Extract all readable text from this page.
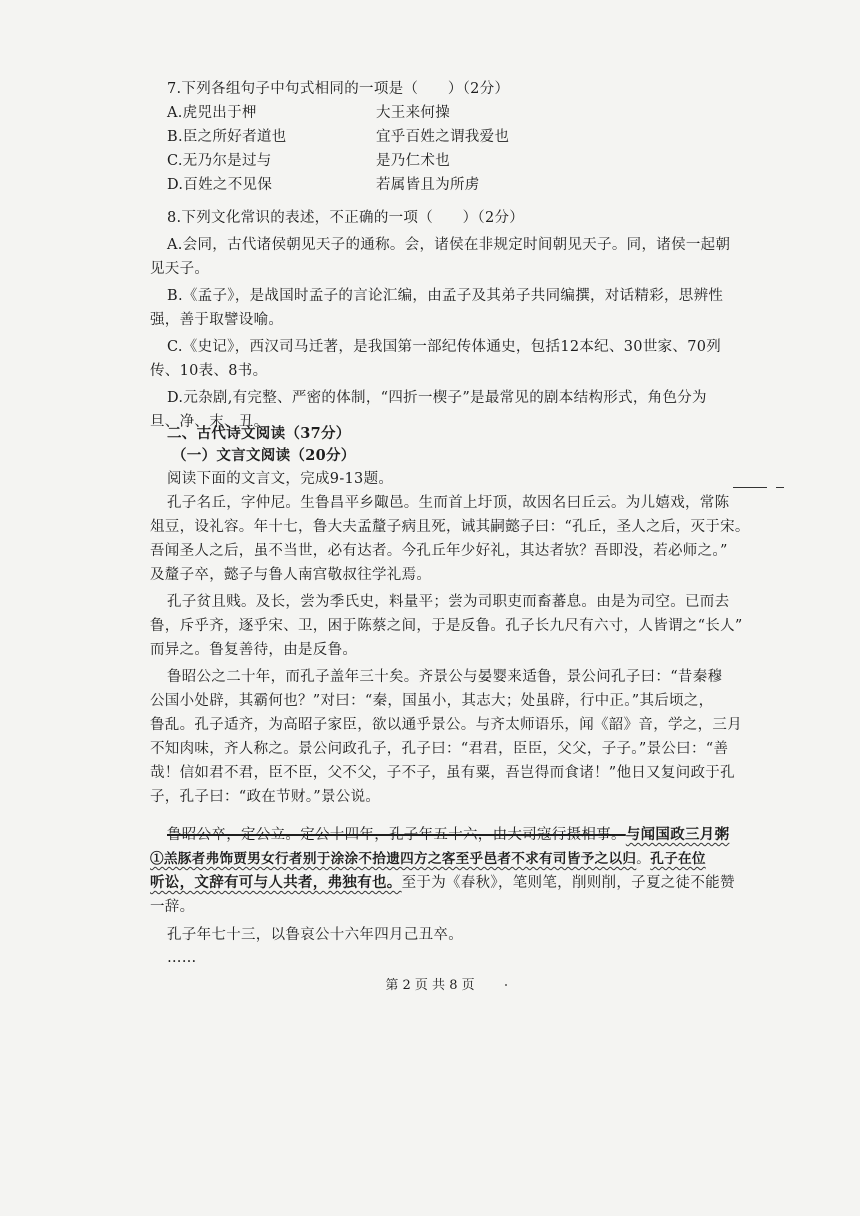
7.下列各组句子中句式相同的一项是（　　）（2分）
A.虎兕出于柙	大王来何操
B.臣之所好者道也	宜乎百姓之谓我爱也
C.无乃尔是过与	是乃仁术也
D.百姓之不见保	若属皆且为所虏
8.下列文化常识的表述，不正确的一项（　　）（2分）
A.会同，古代诸侯朝见天子的通称。会，诸侯在非规定时间朝见天子。同，诸侯一起朝
见天子。
B.《孟子》，是战国时孟子的言论汇编，由孟子及其弟子共同编撰，对话精彩，思辨性
强，善于取譬设喻。
C.《史记》，西汉司马迁著，是我国第一部纪传体通史，包括12本纪、30世家、70列
传、10表、8书。
D.元杂剧,有完整、严密的体制，“四折一楔子”是最常见的剧本结构形式，角色分为
旦、净、末、丑。
二、古代诗文阅读（37分）
（一）文言文阅读（20分）
阅读下面的文言文，完成9-13题。
孔子名丘，字仲尼。生鲁昌平乡陬邑。生而首上圩顶，故因名曰丘云。为儿嬉戏，常陈
俎豆，设礼容。年十七，鲁大夫孟釐子病且死，诫其嗣懿子曰：“孔丘，圣人之后，灭于宋。
吾闻圣人之后，虽不当世，必有达者。今孔丘年少好礼，其达者欤？吾即没，若必师之。”
及釐子卒，懿子与鲁人南宫敬叔往学礼焉。
孔子贫且贱。及长，尝为季氏史，料量平；尝为司职吏而畜蕃息。由是为司空。已而去
鲁，斥乎齐，逐乎宋、卫，困于陈蔡之间，于是反鲁。孔子长九尺有六寸，人皆谓之“长人”
而异之。鲁复善待，由是反鲁。
鲁昭公之二十年，而孔子盖年三十矣。齐景公与晏婴来适鲁，景公问孔子曰：“昔秦穆
公国小处辟，其霸何也？”对曰：“秦，国虽小，其志大；处虽辟，行中正。”其后顷之，
鲁乱。孔子适齐，为高昭子家臣，欲以通乎景公。与齐太师语乐，闻《韶》音，学之，三月
不知肉味，齐人称之。景公问政孔子，孔子曰：“君君，臣臣，父父，子子。”景公曰：“善
哉！信如君不君，臣不臣，父不父，子不子，虽有粟，吾岂得而食诸！”他日又复问政于孔
子，孔子曰：“政在节财。”景公说。
鲁昭公卒，定公立。定公十四年，孔子年五十六，由大司寇行摄相事。与闻国政三月粥
①羔豚者弗饰贾男女行者别于涂涂不拾遗四方之客至乎邑者不求有司皆予之以归。孔子在位
听讼，文辞有可与人共者，弗独有也。至于为《春秋》，笔则笔，削则削，子夏之徒不能赞
一辞。
孔子年七十三，以鲁哀公十六年四月己丑卒。
……
第 2 页 共 8 页
